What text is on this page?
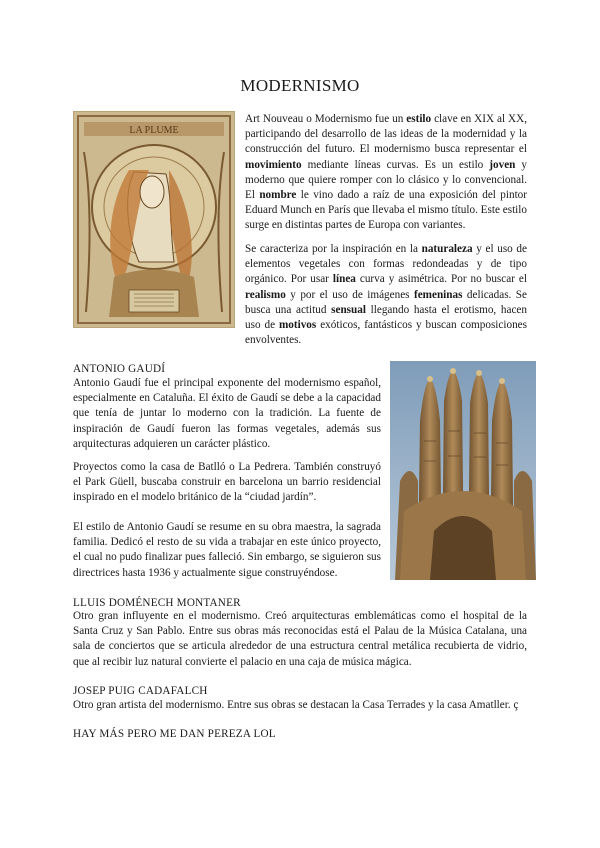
MODERNISMO
LA PLUME

Art Nouveau o Modernismo fue un estilo clave en XIX al XX, participando del desarrollo de las ideas de la modernidad y la construcción del futuro. El modernismo busca representar el movimiento mediante líneas curvas. Es un estilo joven y moderno que quiere romper con lo clásico y lo convencional. El nombre le vino dado a raíz de una exposición del pintor Eduard Munch en París que llevaba el mismo título. Este estilo surge en distintas partes de Europa con variantes.

Se caracteriza por la inspiración en la naturaleza y el uso de elementos vegetales con formas redondeadas y de tipo orgánico. Por usar línea curva y asimétrica. Por no buscar el realismo y por el uso de imágenes femeninas delicadas. Se busca una actitud sensual llegando hasta el erotismo, hacen uso de motivos exóticos, fantásticos y buscan composiciones envolventes.

ANTONIO GAUDÍ

Antonio Gaudí fue el principal exponente del modernismo español, especialmente en Cataluña. El éxito de Gaudí se debe a la capacidad que tenía de juntar lo moderno con la tradición. La fuente de inspiración de Gaudí fueron las formas vegetales, además sus arquitecturas adquieren un carácter plástico.

Proyectos como la casa de Batlló o La Pedrera. También construyó el Park Güell, buscaba construir en barcelona un barrio residencial inspirado en el modelo británico de la “ciudad jardín”.

El estilo de Antonio Gaudí se resume en su obra maestra, la sagrada familia. Dedicó el resto de su vida a trabajar en este único proyecto, el cual no pudo finalizar pues falleció. Sin embargo, se siguieron sus directrices hasta 1936 y actualmente sigue construyéndose.

LLUIS DOMÉNECH MONTANER

Otro gran influyente en el modernismo. Creó arquitecturas emblemáticas como el hospital de la Santa Cruz y San Pablo. Entre sus obras más reconocidas está el Palau de la Música Catalana, una sala de conciertos que se articula alrededor de una estructura central metálica recubierta de vidrio, que al recibir luz natural convierte el palacio en una caja de música mágica.

JOSEP PUIG CADAFALCH

Otro gran artista del modernismo. Entre sus obras se destacan la Casa Terrades y la casa Amatller. ç

HAY MÁS PERO ME DAN PEREZA LOL
